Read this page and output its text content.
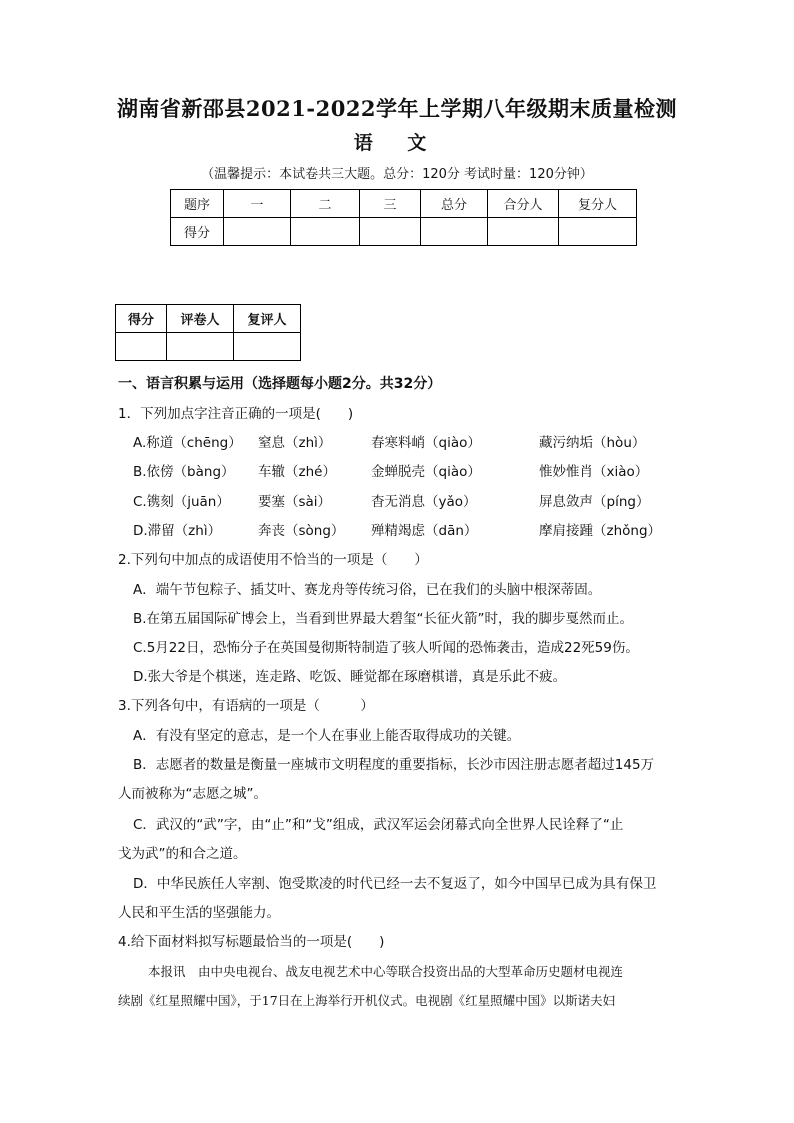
湖南省新邵县2021-2022学年上学期八年级期末质量检测
语 文
（温馨提示：本试卷共三大题。总分：120分 考试时量：120分钟）
题序	一	二	三	总分	合分人	复分人
得分						
得分	评卷人	复评人

一、语言积累与运用（选择题每小题2分。共32分）
1．下列加点字注音正确的一项是(　　)
A.称道（chēng） 窒息（zhì）	春寒料峭（qiào）	藏污纳垢（hòu）
B.依傍（bàng） 车辙（zhé）	金蝉脱壳（qiào）	惟妙惟肖（xiào）
C.镌刻（juān） 要塞（sài）	杳无消息（yǎo）	屏息敛声（píng）
D.滞留（zhì）	奔丧（sòng） 殚精竭虑（dān）	摩肩接踵（zhǒng）
2.下列句中加点的成语使用不恰当的一项是（　　）
A．端午节包粽子、插艾叶、赛龙舟等传统习俗，已在我们的头脑中根深蒂固。
B.在第五届国际矿博会上，当看到世界最大碧玺“长征火箭”时，我的脚步戛然而止。
C.5月22日，恐怖分子在英国曼彻斯特制造了骇人听闻的恐怖袭击，造成22死59伤。
D.张大爷是个棋迷，连走路、吃饭、睡觉都在琢磨棋谱，真是乐此不疲。
3.下列各句中，有语病的一项是（　　　）
A．有没有坚定的意志，是一个人在事业上能否取得成功的关键。
B．志愿者的数量是衡量一座城市文明程度的重要指标，长沙市因注册志愿者超过145万
人而被称为“志愿之城”。
C．武汉的“武”字，由“止”和“戈”组成，武汉军运会闭幕式向全世界人民诠释了“止
戈为武”的和合之道。
D．中华民族任人宰割、饱受欺凌的时代已经一去不复返了，如今中国早已成为具有保卫
人民和平生活的坚强能力。
4.给下面材料拟写标题最恰当的一项是(　　)
本报讯　由中央电视台、战友电视艺术中心等联合投资出品的大型革命历史题材电视连
续剧《红星照耀中国》，于17日在上海举行开机仪式。电视剧《红星照耀中国》以斯诺夫妇
